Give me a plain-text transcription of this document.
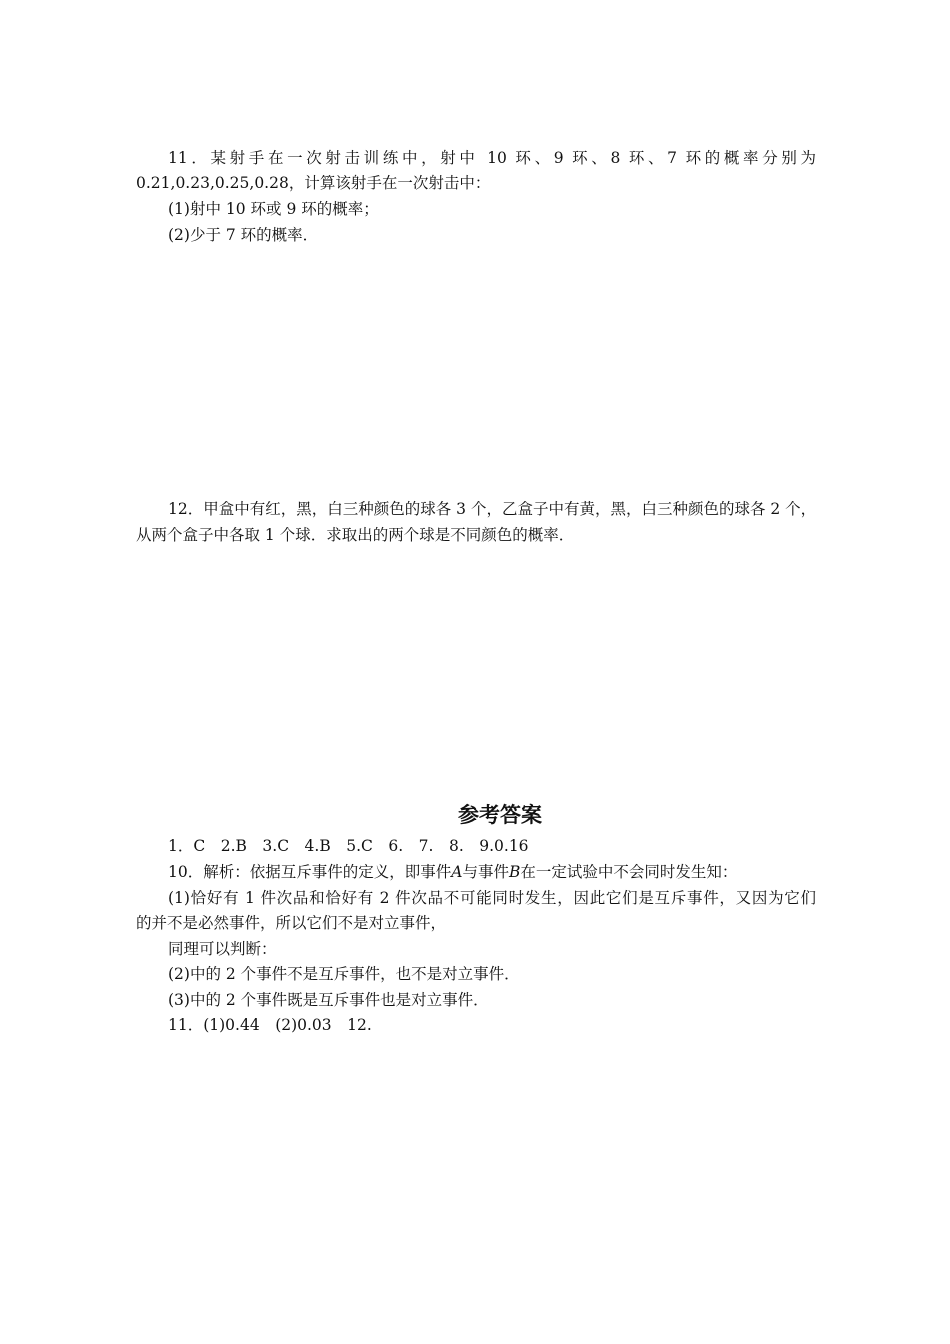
11．某射手在一次射击训练中，射中 10 环、9 环、8 环、7 环的概率分别为
0.21,0.23,0.25,0.28，计算该射手在一次射击中：
(1)射中 10 环或 9 环的概率；
(2)少于 7 环的概率．
12．甲盒中有红，黑，白三种颜色的球各 3 个，乙盒子中有黄，黑，白三种颜色的球各 2 个，
从两个盒子中各取 1 个球．求取出的两个球是不同颜色的概率．
参考答案
1．C　2.B　3.C　4.B　5.C　6.　7.　8.　9.0.16
10．解析：依据互斥事件的定义，即事件A与事件B在一定试验中不会同时发生知：
(1)恰好有 1 件次品和恰好有 2 件次品不可能同时发生，因此它们是互斥事件，又因为它们
的并不是必然事件，所以它们不是对立事件，
同理可以判断：
(2)中的 2 个事件不是互斥事件，也不是对立事件．
(3)中的 2 个事件既是互斥事件也是对立事件．
11．(1)0.44　(2)0.03　12.
